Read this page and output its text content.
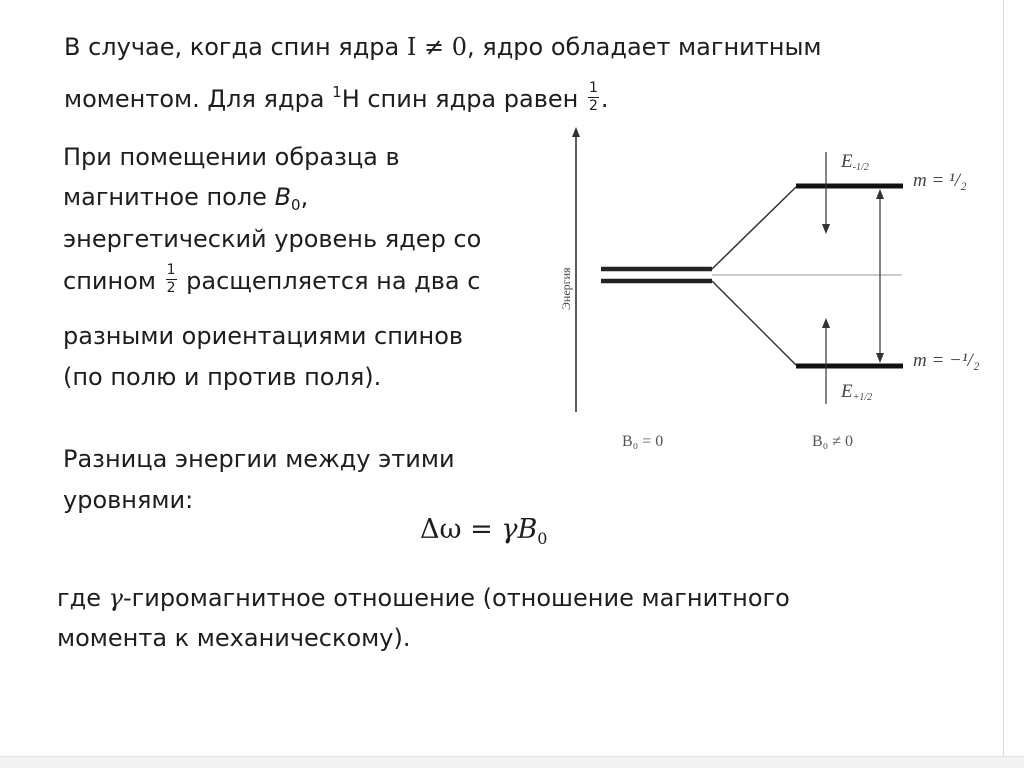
В случае, когда спин ядра I ≠ 0, ядро обладает магнитным
моментом. Для ядра $^1$H спин ядра равен $\frac{1}{2}$ .
При помещении образца в
магнитное поле $B_0$,
энергетический уровень ядер со
спином $\frac{1}{2}$ расщепляется на два с
разными ориентациями спинов
(по полю и против поля).
Разница энергии между этими
уровнями:
$\Delta\omega = \gamma B_0$
где γ-гиромагнитное отношение (отношение магнитного
момента к механическому).
Энергия
E-1/2
E+1/2
m = ¹/₂
m = −¹/₂
B₀ = 0	B₀ ≠ 0
